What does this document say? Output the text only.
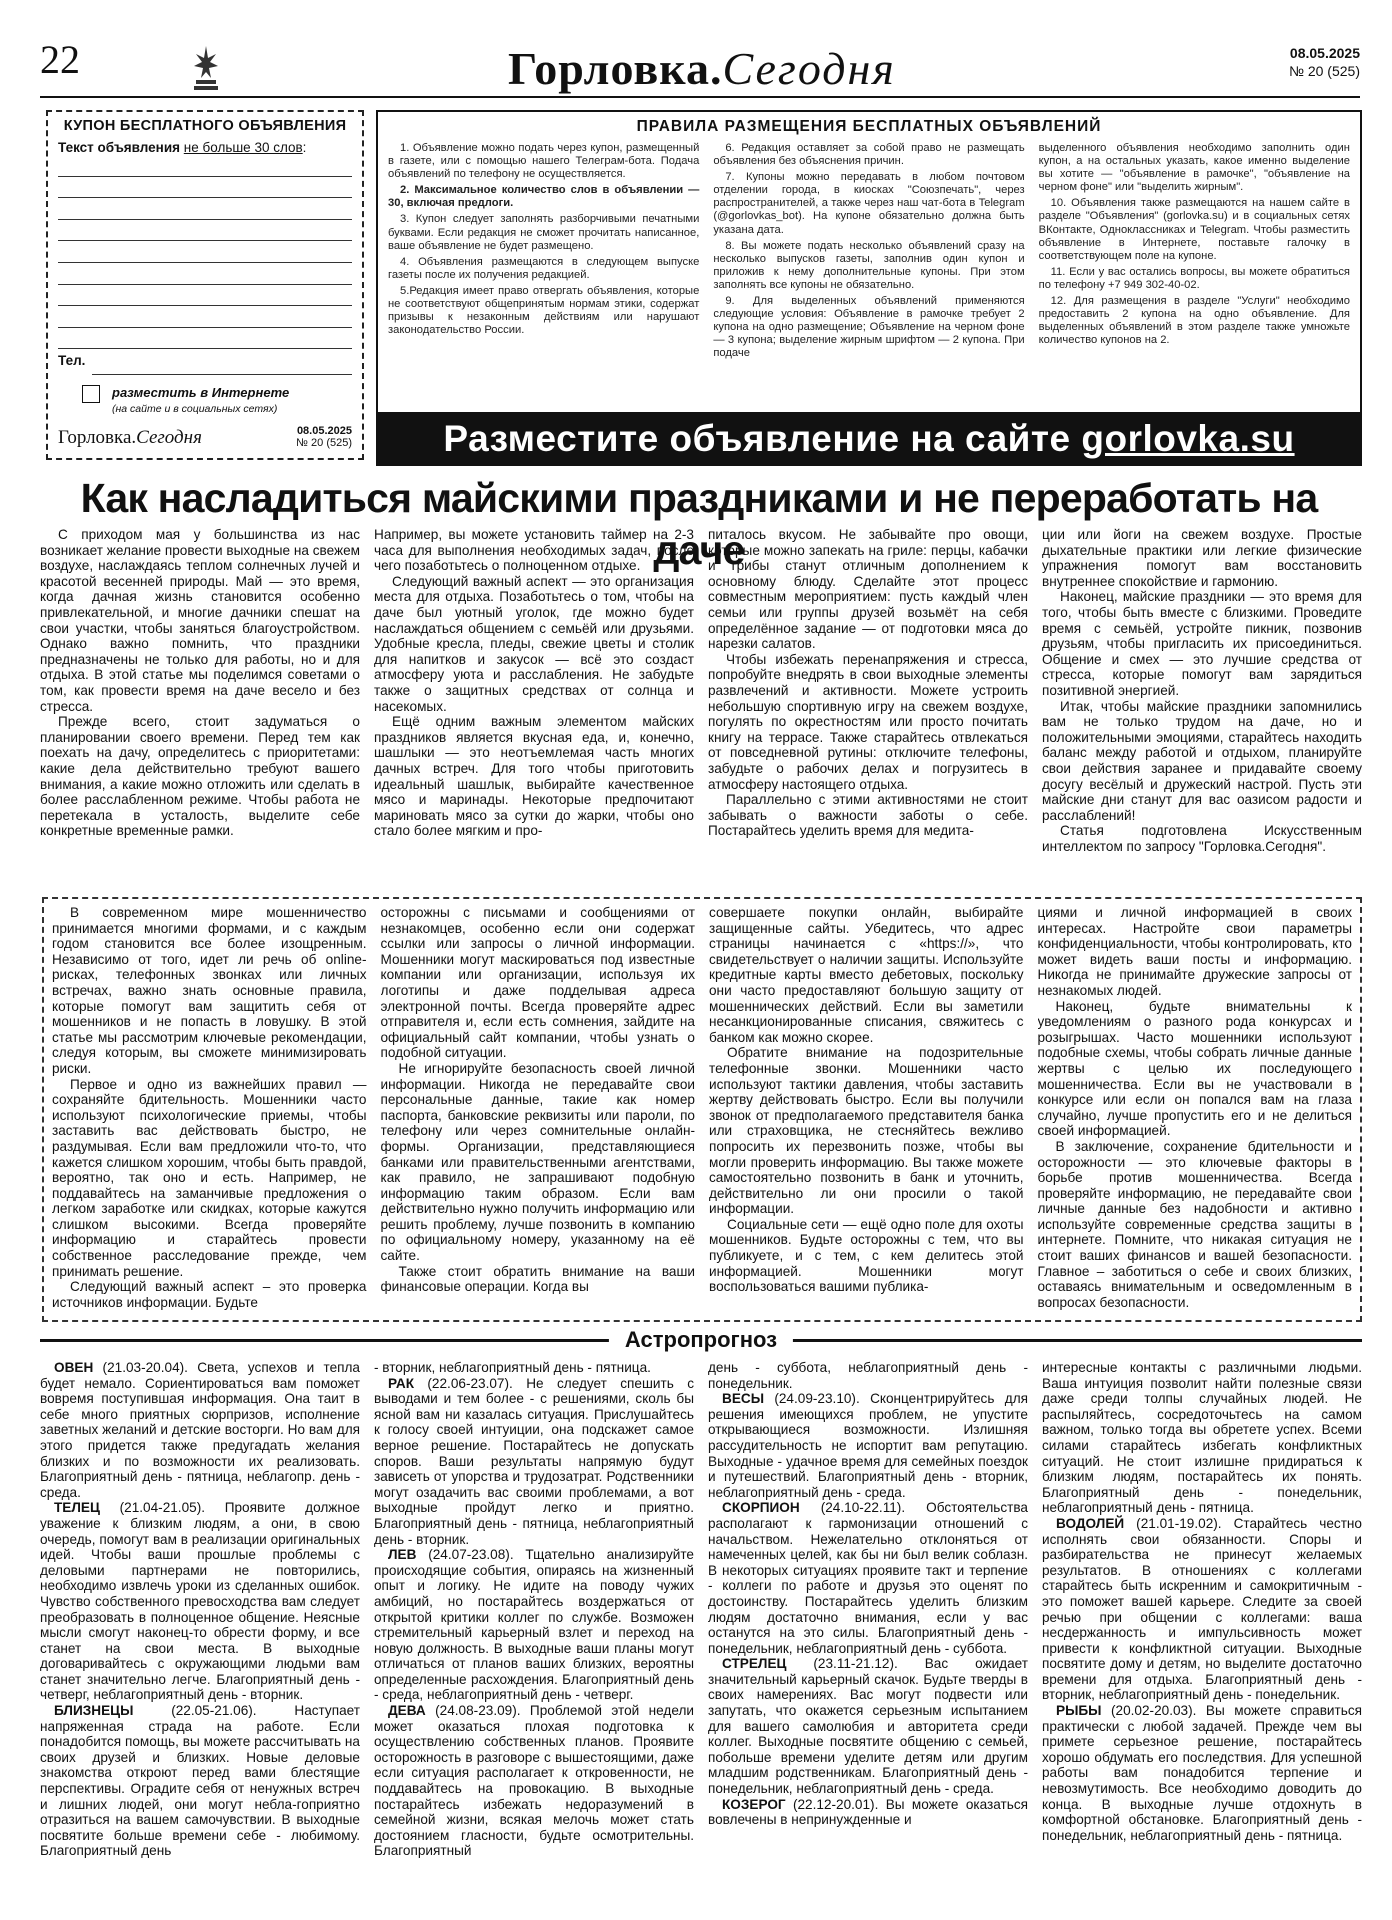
22	Горловка.Сегодня	08.05.2025
№ 20 (525)
КУПОН БЕСПЛАТНОГО ОБЪЯВЛЕНИЯ
Текст объявления не больше 30 слов:
Тел.
разместить в Интернете
(на сайте и в социальных сетях)
Горловка.Сегодня	08.05.2025
№ 20 (525)
ПРАВИЛА РАЗМЕЩЕНИЯ БЕСПЛАТНЫХ ОБЪЯВЛЕНИЙ

1. Объявление можно подать через купон, размещенный в газете, или с помощью нашего Телеграм-бота. Подача объявлений по телефону не осуществляется.

2. Максимальное количество слов в объявлении — 30, включая предлоги.

3. Купон следует заполнять разборчивыми печатными буквами. Если редакция не сможет прочитать написанное, ваше объявление не будет размещено.

4. Объявления размещаются в следующем выпуске газеты после их получения редакцией.

5.Редакция имеет право отвергать объявления, которые не соответствуют общепринятым нормам этики, содержат призывы к незаконным действиям или нарушают законодательство России.

6. Редакция оставляет за собой право не размещать объявления без объяснения причин.

7. Купоны можно передавать в любом почтовом отделении города, в киосках "Союзпечать", через распространителей, а также через наш чат-бота в Telegram (@gorlovkas_bot). На купоне обязательно должна быть указана дата.

8. Вы можете подать несколько объявлений сразу на несколько выпусков газеты, заполнив один купон и приложив к нему дополнительные купоны. При этом заполнять все купоны не обязательно.

9. Для выделенных объявлений применяются следующие условия: Объявление в рамочке требует 2 купона на одно размещение; Объявление на черном фоне — 3 купона; выделение жирным шрифтом — 2 купона. При подаче

выделенного объявления необходимо заполнить один купон, а на остальных указать, какое именно выделение вы хотите — "объявление в рамочке", "объявление на черном фоне" или "выделить жирным".

10. Объявления также размещаются на нашем сайте в разделе "Объявления" (gorlovka.su) и в социальных сетях ВКонтакте, Одноклассниках и Telegram. Чтобы разместить объявление в Интернете, поставьте галочку в соответствующем поле на купоне.

11. Если у вас остались вопросы, вы можете обратиться по телефону +7 949 302-40-02.

12. Для размещения в разделе "Услуги" необходимо предоставить 2 купона на одно объявление. Для выделенных объявлений в этом разделе также умножьте количество купонов на 2.

Разместите объявление на сайте gorlovka.su
Как насладиться майскими праздниками и не переработать на даче

С приходом мая у большинства из нас возникает желание провести выходные на свежем воздухе, наслаждаясь теплом солнечных лучей и красотой весенней природы. Май — это время, когда дачная жизнь становится особенно привлекательной, и многие дачники спешат на свои участки, чтобы заняться благоустройством. Однако важно помнить, что праздники предназначены не только для работы, но и для отдыха. В этой статье мы поделимся советами о том, как провести время на даче весело и без стресса.

Прежде всего, стоит задуматься о планировании своего времени. Перед тем как поехать на дачу, определитесь с приоритетами: какие дела действительно требуют вашего внимания, а какие можно отложить или сделать в более расслабленном режиме. Чтобы работа не перетекала в усталость, выделите себе конкретные временные рамки.

Например, вы можете установить таймер на 2-3 часа для выполнения необходимых задач, после чего позаботьтесь о полноценном отдыхе.

Следующий важный аспект — это организация места для отдыха. Позаботьтесь о том, чтобы на даче был уютный уголок, где можно будет наслаждаться общением с семьёй или друзьями. Удобные кресла, пледы, свежие цветы и столик для напитков и закусок — всё это создаст атмосферу уюта и расслабления. Не забудьте также о защитных средствах от солнца и насекомых.

Ещё одним важным элементом майских праздников является вкусная еда, и, конечно, шашлыки — это неотъемлемая часть многих дачных встреч. Для того чтобы приготовить идеальный шашлык, выбирайте качественное мясо и маринады. Некоторые предпочитают мариновать мясо за сутки до жарки, чтобы оно стало более мягким и про-

питалось вкусом. Не забывайте про овощи, которые можно запекать на гриле: перцы, кабачки и грибы станут отличным дополнением к основному блюду. Сделайте этот процесс совместным мероприятием: пусть каждый член семьи или группы друзей возьмёт на себя определённое задание — от подготовки мяса до нарезки салатов.

Чтобы избежать перенапряжения и стресса, попробуйте внедрять в свои выходные элементы развлечений и активности. Можете устроить небольшую спортивную игру на свежем воздухе, погулять по окрестностям или просто почитать книгу на террасе. Также старайтесь отвлекаться от повседневной рутины: отключите телефоны, забудьте о рабочих делах и погрузитесь в атмосферу настоящего отдыха.

Параллельно с этими активностями не стоит забывать о важности заботы о себе. Постарайтесь уделить время для медита-

ции или йоги на свежем воздухе. Простые дыхательные практики или легкие физические упражнения помогут вам восстановить внутреннее спокойствие и гармонию.

Наконец, майские праздники — это время для того, чтобы быть вместе с близкими. Проведите время с семьёй, устройте пикник, позвонив друзьям, чтобы пригласить их присоединиться. Общение и смех — это лучшие средства от стресса, которые помогут вам зарядиться позитивной энергией.

Итак, чтобы майские праздники запомнились вам не только трудом на даче, но и положительными эмоциями, старайтесь находить баланс между работой и отдыхом, планируйте свои действия заранее и придавайте своему досугу весёлый и дружеский настрой. Пусть эти майские дни станут для вас оазисом радости и расслаблений!

Статья подготовлена Искусственным интеллектом по запросу "Горловка.Сегодня".

В современном мире мошенничество принимается многими формами, и с каждым годом становится все более изощренным. Независимо от того, идет ли речь об online-рисках, телефонных звонках или личных встречах, важно знать основные правила, которые помогут вам защитить себя от мошенников и не попасть в ловушку. В этой статье мы рассмотрим ключевые рекомендации, следуя которым, вы сможете минимизировать риски.

Первое и одно из важнейших правил — сохраняйте бдительность. Мошенники часто используют психологические приемы, чтобы заставить вас действовать быстро, не раздумывая. Если вам предложили что-то, что кажется слишком хорошим, чтобы быть правдой, вероятно, так оно и есть. Например, не поддавайтесь на заманчивые предложения о легком заработке или скидках, которые кажутся слишком высокими. Всегда проверяйте информацию и старайтесь провести собственное расследование прежде, чем принимать решение.

Следующий важный аспект – это проверка источников информации. Будьте

осторожны с письмами и сообщениями от незнакомцев, особенно если они содержат ссылки или запросы о личной информации. Мошенники могут маскироваться под известные компании или организации, используя их логотипы и даже подделывая адреса электронной почты. Всегда проверяйте адрес отправителя и, если есть сомнения, зайдите на официальный сайт компании, чтобы узнать о подобной ситуации.

Не игнорируйте безопасность своей личной информации. Никогда не передавайте свои персональные данные, такие как номер паспорта, банковские реквизиты или пароли, по телефону или через сомнительные онлайн-формы. Организации, представляющиеся банками или правительственными агентствами, как правило, не запрашивают подобную информацию таким образом. Если вам действительно нужно получить информацию или решить проблему, лучше позвонить в компанию по официальному номеру, указанному на её сайте.

Также стоит обратить внимание на ваши финансовые операции. Когда вы

совершаете покупки онлайн, выбирайте защищенные сайты. Убедитесь, что адрес страницы начинается с «https://», что свидетельствует о наличии защиты. Используйте кредитные карты вместо дебетовых, поскольку они часто предоставляют большую защиту от мошеннических действий. Если вы заметили несанкционированные списания, свяжитесь с банком как можно скорее.

Обратите внимание на подозрительные телефонные звонки. Мошенники часто используют тактики давления, чтобы заставить жертву действовать быстро. Если вы получили звонок от предполагаемого представителя банка или страховщика, не стесняйтесь вежливо попросить их перезвонить позже, чтобы вы могли проверить информацию. Вы также можете самостоятельно позвонить в банк и уточнить, действительно ли они просили о такой информации.

Социальные сети — ещё одно поле для охоты мошенников. Будьте осторожны с тем, что вы публикуете, и с тем, с кем делитесь этой информацией. Мошенники могут воспользоваться вашими публика-

циями и личной информацией в своих интересах. Настройте свои параметры конфиденциальности, чтобы контролировать, кто может видеть ваши посты и информацию. Никогда не принимайте дружеские запросы от незнакомых людей.

Наконец, будьте внимательны к уведомлениям о разного рода конкурсах и розыгрышах. Часто мошенники используют подобные схемы, чтобы собрать личные данные жертвы с целью их последующего мошенничества. Если вы не участвовали в конкурсе или если он попался вам на глаза случайно, лучше пропустить его и не делиться своей информацией.

В заключение, сохранение бдительности и осторожности — это ключевые факторы в борьбе против мошенничества. Всегда проверяйте информацию, не передавайте свои личные данные без надобности и активно используйте современные средства защиты в интернете. Помните, что никакая ситуация не стоит ваших финансов и вашей безопасности. Главное – заботиться о себе и своих близких, оставаясь внимательным и осведомленным в вопросах безопасности.

Астропрогноз

ОВЕН (21.03-20.04). Света, успехов и тепла будет немало. Сориентироваться вам поможет вовремя поступившая информация. Она таит в себе много приятных сюрпризов, исполнение заветных желаний и детские восторги. Но вам для этого придется также предугадать желания близких и по возможности их реализовать. Благоприятный день - пятница, неблагопр. день - среда.

ТЕЛЕЦ (21.04-21.05). Проявите должное уважение к близким людям, а они, в свою очередь, помогут вам в реализации оригинальных идей. Чтобы ваши прошлые проблемы с деловыми партнерами не повторились, необходимо извлечь уроки из сделанных ошибок. Чувство собственного превосходства вам следует преобразовать в полноценное общение. Неясные мысли смогут наконец-то обрести форму, и все станет на свои места. В выходные договаривайтесь с окружающими людьми вам станет значительно легче. Благоприятный день - четверг, неблагоприятный день - вторник.

БЛИЗНЕЦЫ (22.05-21.06). Наступает напряженная страда на работе. Если понадобится помощь, вы можете рассчитывать на своих друзей и близких. Новые деловые знакомства откроют перед вами блестящие перспективы. Оградите себя от ненужных встреч и лишних людей, они могут небла-гоприятно отразиться на вашем самочувствии. В выходные посвятите больше времени себе - любимому. Благоприятный день

- вторник, неблагоприятный день - пятница.

РАК (22.06-23.07). Не следует спешить с выводами и тем более - с решениями, сколь бы ясной вам ни казалась ситуация. Прислушайтесь к голосу своей интуиции, она подскажет самое верное решение. Постарайтесь не допускать споров. Ваши результаты напрямую будут зависеть от упорства и трудозатрат. Родственники могут озадачить вас своими проблемами, а вот выходные пройдут легко и приятно. Благоприятный день - пятница, неблагоприятный день - вторник.

ЛЕВ (24.07-23.08). Тщательно анализируйте происходящие события, опираясь на жизненный опыт и логику. Не идите на поводу чужих амбиций, но постарайтесь воздержаться от открытой критики коллег по службе. Возможен стремительный карьерный взлет и переход на новую должность. В выходные ваши планы могут отличаться от планов ваших близких, вероятны определенные расхождения. Благоприятный день - среда, неблагоприятный день - четверг.

ДЕВА (24.08-23.09). Проблемой этой недели может оказаться плохая подготовка к осуществлению собственных планов. Проявите осторожность в разговоре с вышестоящими, даже если ситуация располагает к откровенности, не поддавайтесь на провокацию. В выходные постарайтесь избежать недоразумений в семейной жизни, всякая мелочь может стать достоянием гласности, будьте осмотрительны. Благоприятный

день - суббота, неблагоприятный день - понедельник.

ВЕСЫ (24.09-23.10). Сконцентрируйтесь для решения имеющихся проблем, не упустите открывающиеся возможности. Излишняя рассудительность не испортит вам репутацию. Выходные - удачное время для семейных поездок и путешествий. Благоприятный день - вторник, неблагоприятный день - среда.

СКОРПИОН (24.10-22.11). Обстоятельства располагают к гармонизации отношений с начальством. Нежелательно отклоняться от намеченных целей, как бы ни был велик соблазн. В некоторых ситуациях проявите такт и терпение - коллеги по работе и друзья это оценят по достоинству. Постарайтесь уделить близким людям достаточно внимания, если у вас останутся на это силы. Благоприятный день - понедельник, неблагоприятный день - суббота.

СТРЕЛЕЦ (23.11-21.12). Вас ожидает значительный карьерный скачок. Будьте тверды в своих намерениях. Вас могут подвести или запутать, что окажется серьезным испытанием для вашего самолюбия и авторитета среди коллег. Выходные посвятите общению с семьей, побольше времени уделите детям или другим младшим родственникам. Благоприятный день - понедельник, неблагоприятный день - среда.

КОЗЕРОГ (22.12-20.01). Вы можете оказаться вовлечены в непринужденные и

интересные контакты с различными людьми. Ваша интуиция позволит найти полезные связи даже среди толпы случайных людей. Не распыляйтесь, сосредоточьтесь на самом важном, только тогда вы обретете успех. Всеми силами старайтесь избегать конфликтных ситуаций. Не стоит излишне придираться к близким людям, постарайтесь их понять. Благоприятный день - понедельник, неблагоприятный день - пятница.

ВОДОЛЕЙ (21.01-19.02). Старайтесь честно исполнять свои обязанности. Споры и разбирательства не принесут желаемых результатов. В отношениях с коллегами старайтесь быть искренним и самокритичным - это поможет вашей карьере. Следите за своей речью при общении с коллегами: ваша несдержанность и импульсивность может привести к конфликтной ситуации. Выходные посвятите дому и детям, но выделите достаточно времени для отдыха. Благоприятный день - вторник, неблагоприятный день - понедельник.

РЫБЫ (20.02-20.03). Вы можете справиться практически с любой задачей. Прежде чем вы примете серьезное решение, постарайтесь хорошо обдумать его последствия. Для успешной работы вам понадобится терпение и невозмутимость. Все необходимо доводить до конца. В выходные лучше отдохнуть в комфортной обстановке. Благоприятный день - понедельник, неблагоприятный день - пятница.
